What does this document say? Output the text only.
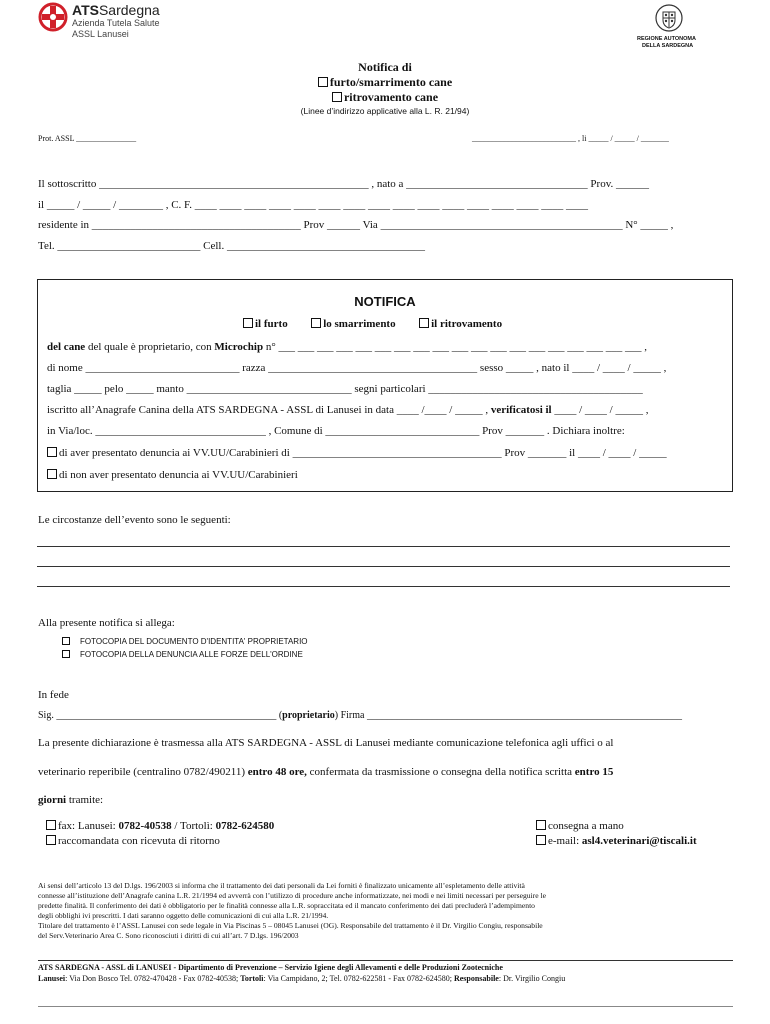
ATSSardegna
Azienda Tutela Salute
ASSL Lanusei	REGIONE AUTONOMA
DELLA SARDEGNA
Notifica di
furto/smarrimento cane
ritrovamento cane
(Linee d’indirizzo applicative alla L. R. 21/94)
Prot. ASSL _______________	__________________________ , li _____ / _____ / _______
Il sottoscritto _________________________________________________ , nato a _________________________________ Prov. ______
il _____ / _____ / ________ , C. F. ____ ____ ____ ____ ____ ____ ____ ____ ____ ____ ____ ____ ____ ____ ____ ____
residente in ______________________________________ Prov ______ Via ____________________________________________ N° _____ ,
Tel. __________________________ Cell. ____________________________________
NOTIFICA
il furto	lo smarrimento	il ritrovamento
del cane del quale è proprietario, con Microchip n° ___ ___ ___ ___ ___ ___ ___ ___ ___ ___ ___ ___ ___ ___ ___ ___ ___ ___ ___ ,
di nome ____________________________ razza ______________________________________ sesso _____ , nato il ____ / ____ / _____ ,
taglia _____ pelo _____ manto ______________________________ segni particolari _______________________________________
iscritto all’Anagrafe Canina della ATS SARDEGNA - ASSL di Lanusei in data ____ /____ / _____ , verificatosi il ____ / ____ / _____ ,
in Via/loc. _______________________________ , Comune di ____________________________ Prov _______ . Dichiara inoltre:
di aver presentato denuncia ai VV.UU/Carabinieri di ______________________________________ Prov _______ il ____ / ____ / _____
di non aver presentato denuncia ai VV.UU/Carabinieri
Le circostanze dell’evento sono le seguenti:
Alla presente notifica si allega:
FOTOCOPIA DEL DOCUMENTO D'IDENTITA' PROPRIETARIO
FOTOCOPIA DELLA DENUNCIA ALLE FORZE DELL'ORDINE
In fede
Sig. ____________________________________________ (proprietario) Firma _______________________________________________________________
La presente dichiarazione è trasmessa alla ATS SARDEGNA - ASSL di Lanusei mediante comunicazione telefonica agli uffici o al
veterinario reperibile (centralino 0782/490211) entro 48 ore, confermata da trasmissione o consegna della notifica scritta entro 15
giorni tramite:
fax: Lanusei: 0782-40538 / Tortolì: 0782-624580
raccomandata con ricevuta di ritorno
consegna a mano
e-mail: asl4.veterinari@tiscali.it
Ai sensi dell’articolo 13 del D.lgs. 196/2003 si informa che il trattamento dei dati personali da Lei forniti è finalizzato unicamente all’espletamento delle attività
connesse all’istituzione dell’Anagrafe canina L.R. 21/1994 ed avverrà con l’utilizzo di procedure anche informatizzate, nei modi e nei limiti necessari per perseguire le
predette finalità. Il conferimento dei dati è obbligatorio per le finalità connesse alla L.R. sopraccitata ed il mancato conferimento dei dati precluderà l’adempimento
degli obblighi ivi prescritti. I dati saranno oggetto delle comunicazioni di cui alla L.R. 21/1994.
Titolare del trattamento è l’ASSL Lanusei con sede legale in Via Piscinas 5 – 08045 Lanusei (OG). Responsabile del trattamento è il Dr. Virgilio Congiu, responsabile
del Serv.Veterinario Area C. Sono riconosciuti i diritti di cui all’art. 7 D.lgs. 196/2003
ATS SARDEGNA - ASSL di LANUSEI - Dipartimento di Prevenzione – Servizio Igiene degli Allevamenti e delle Produzioni Zootecniche
Lanusei: Via Don Bosco Tel. 0782-470428 - Fax 0782-40538; Tortolì: Via Campidano, 2; Tel. 0782-622581 - Fax 0782-624580; Responsabile: Dr. Virgilio Congiu
